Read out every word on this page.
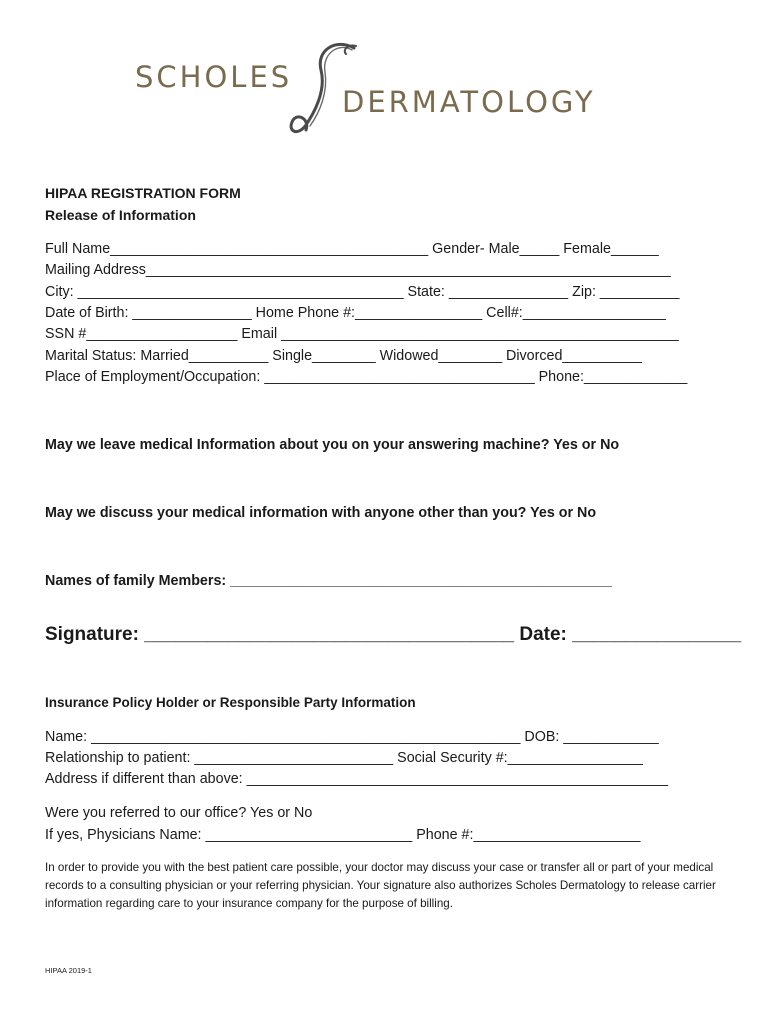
SCHOLES
DERMATOLOGY
HIPAA REGISTRATION FORM
Release of Information
Full Name________________________________________ Gender- Male_____ Female______
Mailing Address__________________________________________________________________
City: _________________________________________ State: _______________ Zip: __________
Date of Birth: _______________ Home Phone #:________________ Cell#:__________________
SSN #___________________ Email __________________________________________________
Marital Status: Married__________ Single________ Widowed________ Divorced__________
Place of Employment/Occupation: __________________________________ Phone:_____________
May we leave medical Information about you on your answering machine? Yes or No
May we discuss your medical information with anyone other than you? Yes or No
Names of family Members: ________________________________________________
Signature: ___________________________________ Date: ________________
Insurance Policy Holder or Responsible Party Information
Name: ______________________________________________________ DOB: ____________
Relationship to patient: _________________________ Social Security #:_________________
Address if different than above: _____________________________________________________
Were you referred to our office? Yes or No
If yes, Physicians Name: __________________________ Phone #:_____________________
In order to provide you with the best patient care possible, your doctor may discuss your case or transfer all or part of your medical records to a consulting physician or your referring physician. Your signature also authorizes Scholes Dermatology to release carrier information regarding care to your insurance company for the purpose of billing.
HIPAA 2019-1
